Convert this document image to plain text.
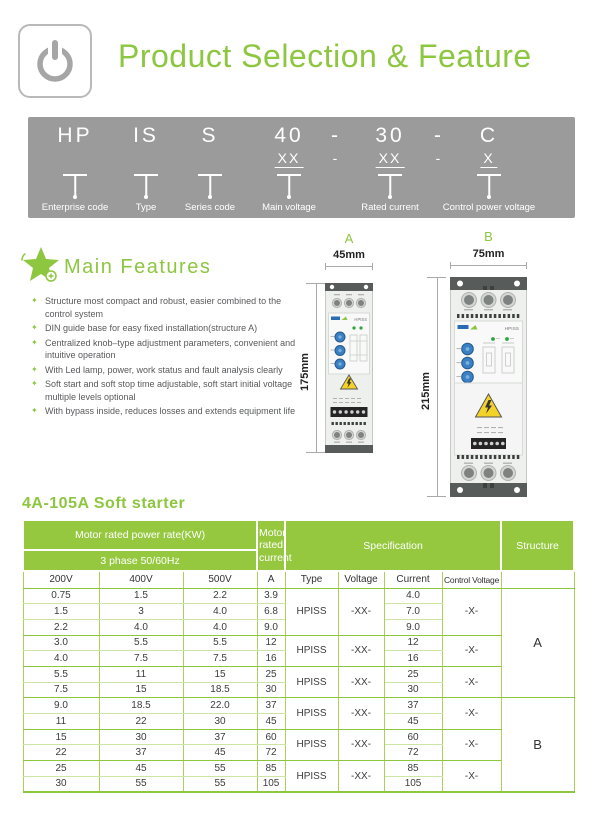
Product Selection & Feature
HP
Enterprise code
IS
Type
S
Series code
40
XX
Main voltage
-
-
30
XX
Rated current
-
-
C
X
Control power voltage
Main Features
✦ Structure most compact and robust, easier combined to the control system
✦ DIN guide base for easy fixed installation(structure A)
✦ Centralized knob–type adjustment parameters, convenient and intuitive operation
✦ With Led lamp, power, work status and fault analysis clearly
✦ Soft start and soft stop time adjustable, soft start initial voltage multiple levels optional
✦ With bypass inside, reduces losses and extends equipment life
A
45mm
175mm
HPISS
B
75mm
215mm
HPISS
4A-105A Soft starter
Motor rated power rate(KW)			Motor rated current	Specification				Structure
3 phase 50/60Hz								
200V	400V	500V	A	Type	Voltage	Current	Control Voltage	
0.75	1.5	2.2	3.9	HPISS	-XX-	4.0	-X-	A
1.5	3	4.0	6.8			7.0		
2.2	4.0	4.0	9.0			9.0		
3.0	5.5	5.5	12	HPISS	-XX-	12	-X-	
4.0	7.5	7.5	16			16		
5.5	11	15	25	HPISS	-XX-	25	-X-	
7.5	15	18.5	30			30		
9.0	18.5	22.0	37	HPISS	-XX-	37	-X-	B
11	22	30	45			45		
15	30	37	60	HPISS	-XX-	60	-X-	
22	37	45	72			72		
25	45	55	85	HPISS	-XX-	85	-X-	
30	55	55	105			105		
